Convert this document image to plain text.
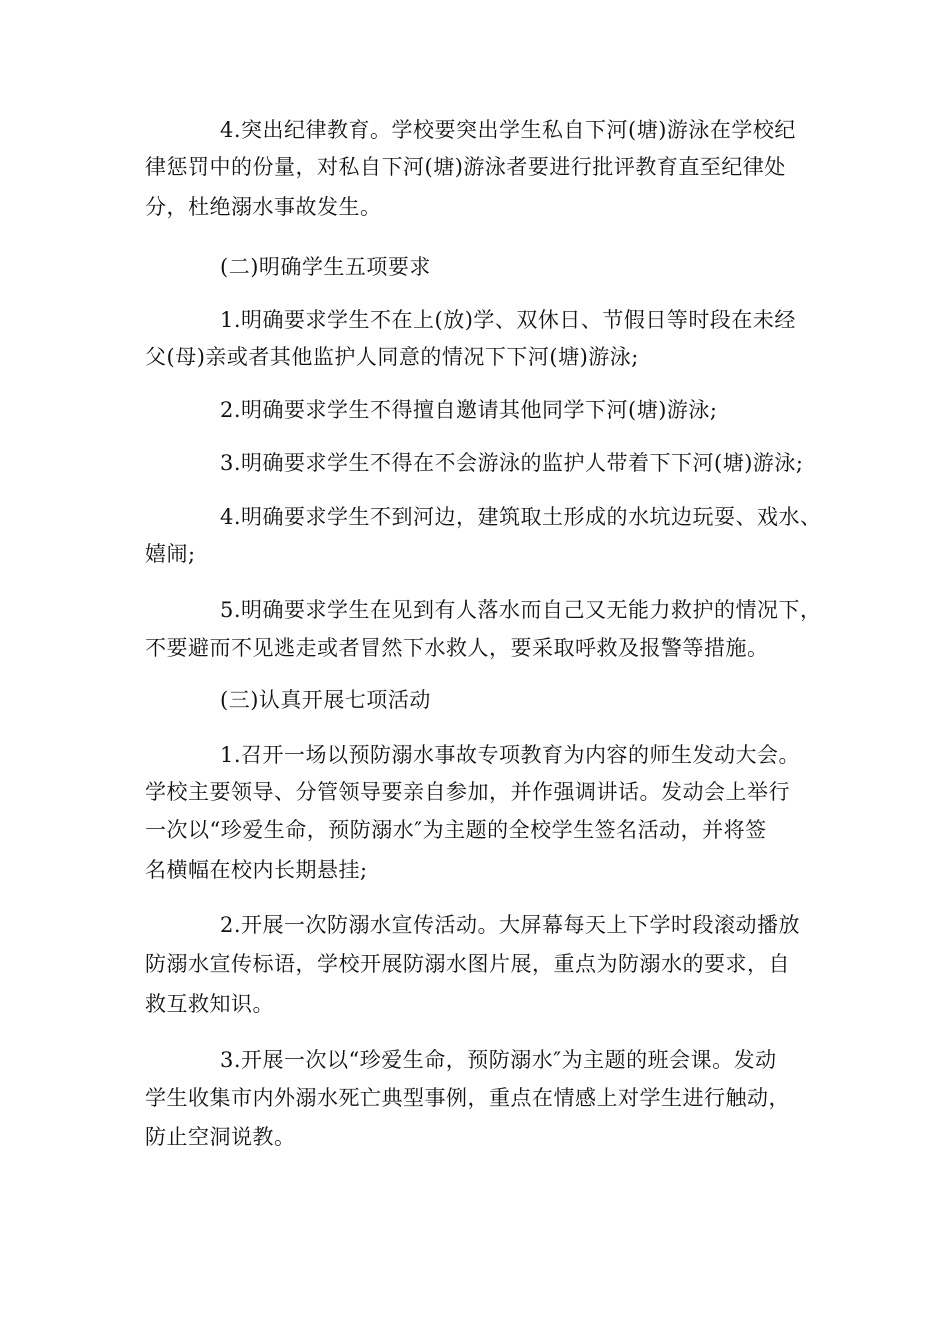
4.突出纪律教育。学校要突出学生私自下河(塘)游泳在学校纪
律惩罚中的份量，对私自下河(塘)游泳者要进行批评教育直至纪律处
分，杜绝溺水事故发生。
(二)明确学生五项要求
1.明确要求学生不在上(放)学、双休日、节假日等时段在未经
父(母)亲或者其他监护人同意的情况下下河(塘)游泳;
2.明确要求学生不得擅自邀请其他同学下河(塘)游泳;
3.明确要求学生不得在不会游泳的监护人带着下下河(塘)游泳;
4.明确要求学生不到河边，建筑取土形成的水坑边玩耍、戏水、
嬉闹;
5.明确要求学生在见到有人落水而自己又无能力救护的情况下，
不要避而不见逃走或者冒然下水救人，要采取呼救及报警等措施。
(三)认真开展七项活动
1.召开一场以预防溺水事故专项教育为内容的师生发动大会。
学校主要领导、分管领导要亲自参加，并作强调讲话。发动会上举行
一次以“珍爱生命，预防溺水″为主题的全校学生签名活动，并将签
名横幅在校内长期悬挂;
2.开展一次防溺水宣传活动。大屏幕每天上下学时段滚动播放
防溺水宣传标语，学校开展防溺水图片展，重点为防溺水的要求，自
救互救知识。
3.开展一次以“珍爱生命，预防溺水″为主题的班会课。发动
学生收集市内外溺水死亡典型事例，重点在情感上对学生进行触动，
防止空洞说教。
